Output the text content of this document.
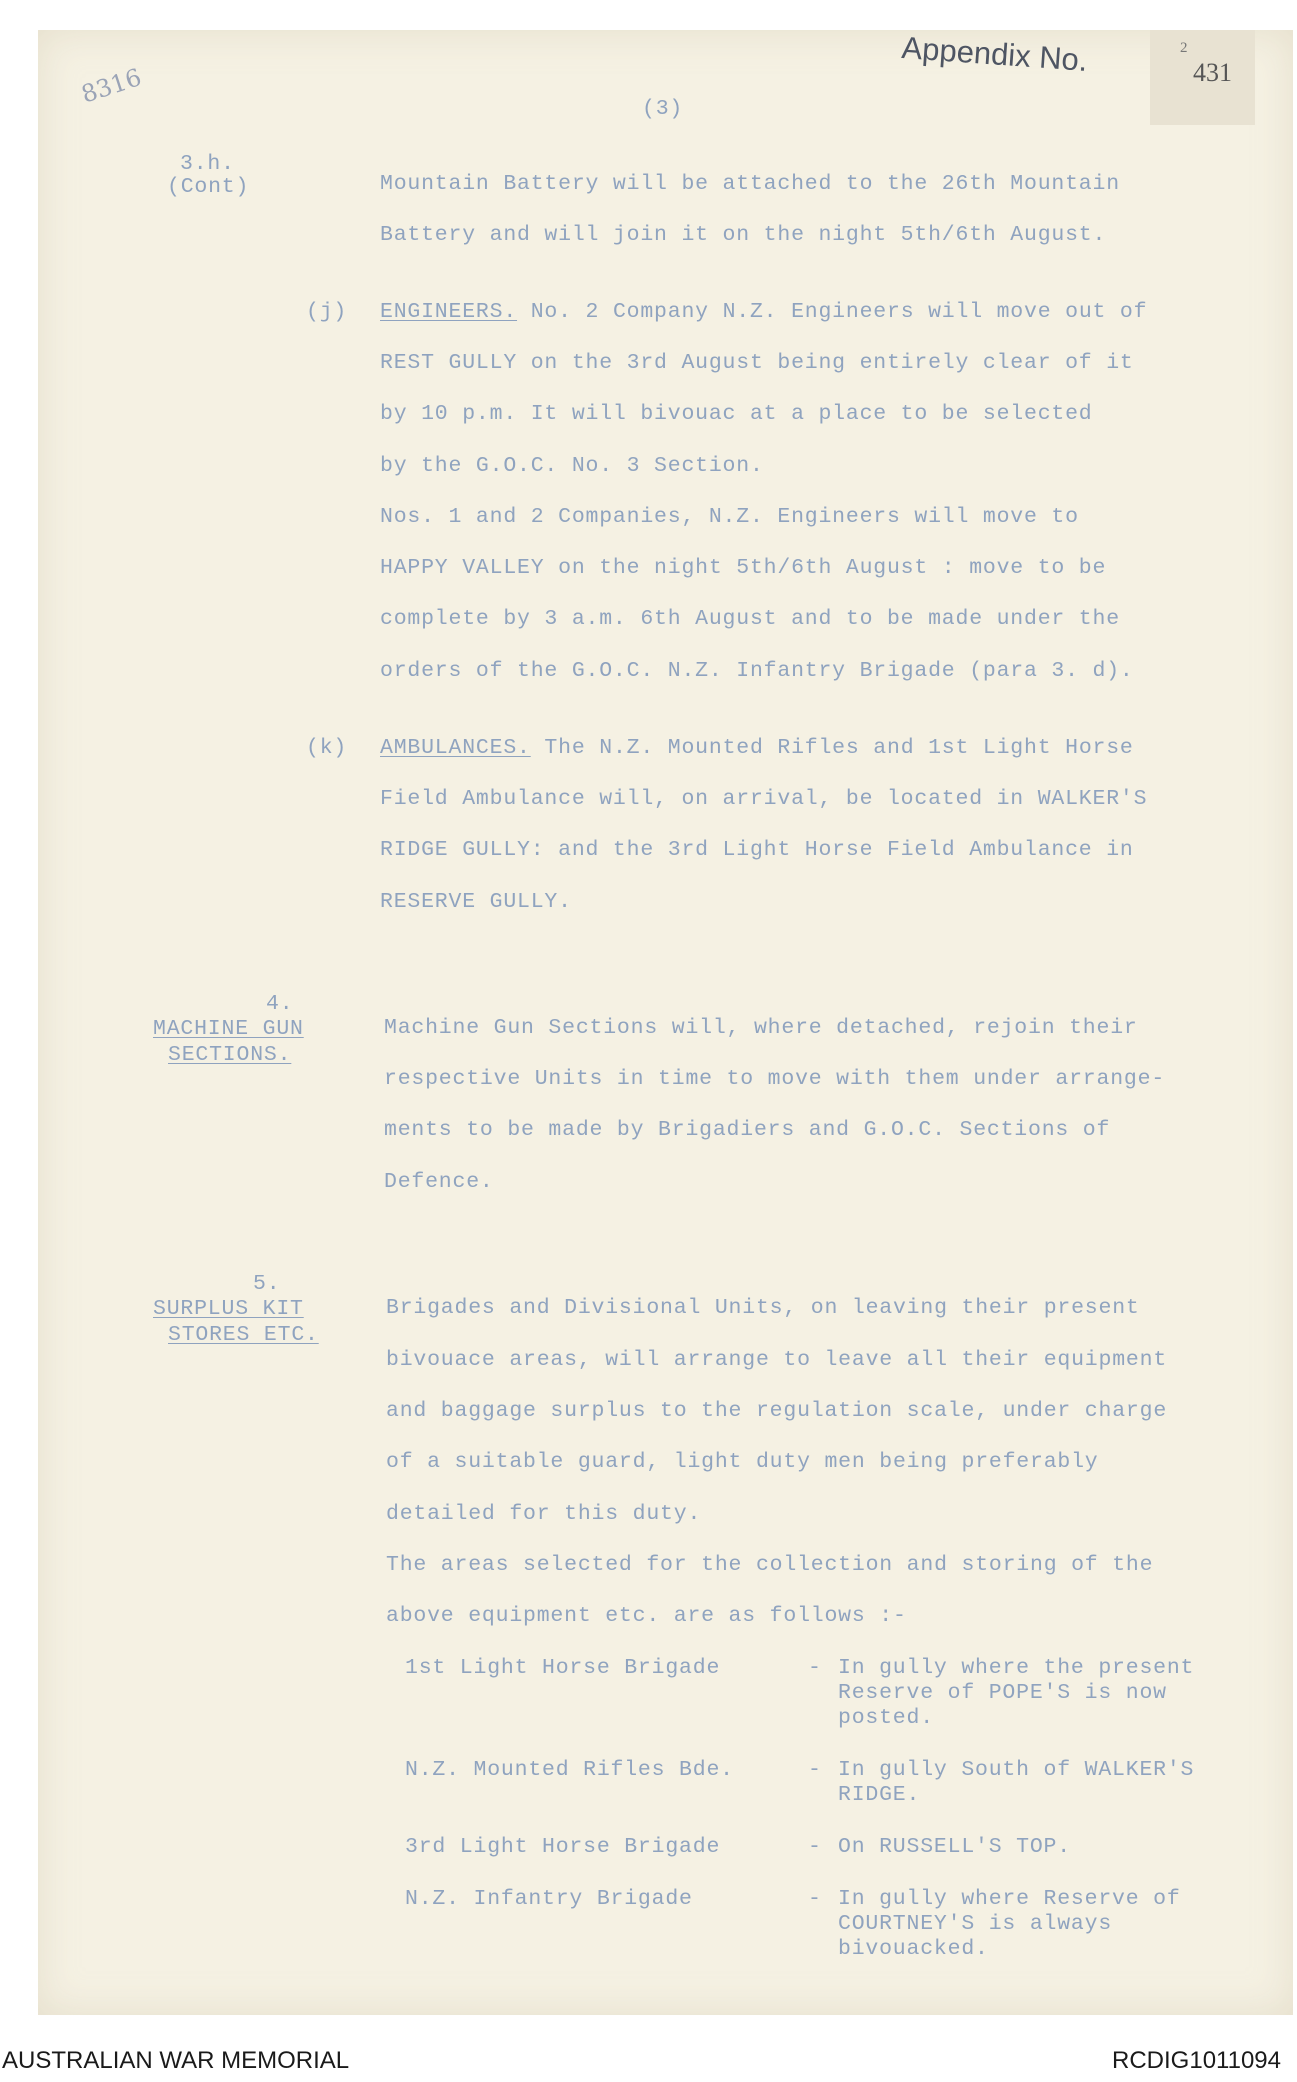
8316
Appendix No.	2
431
(3)
3.h.
(Cont)	Mountain Battery will be attached to the 26th Mountain
Battery and will join it on the night 5th/6th August.
(j) ENGINEERS. No. 2 Company N.Z. Engineers will move out of
REST GULLY on the 3rd August being entirely clear of it
by 10 p.m. It will bivouac at a place to be selected
by the G.O.C. No. 3 Section.
Nos. 1 and 2 Companies, N.Z. Engineers will move to
HAPPY VALLEY on the night 5th/6th August : move to be
complete by 3 a.m. 6th August and to be made under the
orders of the G.O.C. N.Z. Infantry Brigade (para 3. d).
(k) AMBULANCES. The N.Z. Mounted Rifles and 1st Light Horse
Field Ambulance will, on arrival, be located in WALKER'S
RIDGE GULLY: and the 3rd Light Horse Field Ambulance in
RESERVE GULLY.
4.
MACHINE GUN
SECTIONS.
Machine Gun Sections will, where detached, rejoin their
respective Units in time to move with them under arrange-
ments to be made by Brigadiers and G.O.C. Sections of
Defence.
5.
SURPLUS KIT
STORES ETC.
Brigades and Divisional Units, on leaving their present
bivouace areas, will arrange to leave all their equipment
and baggage surplus to the regulation scale, under charge
of a suitable guard, light duty men being preferably
detailed for this duty.
The areas selected for the collection and storing of the
above equipment etc. are as follows :-
1st Light Horse Brigade	- In gully where the present
Reserve of POPE'S is now
posted.
N.Z. Mounted Rifles Bde.	- In gully South of WALKER'S
RIDGE.
3rd Light Horse Brigade	- On RUSSELL'S TOP.
N.Z. Infantry Brigade	- In gully where Reserve of
COURTNEY'S is always
bivouacked.
AUSTRALIAN WAR MEMORIAL	RCDIG1011094
